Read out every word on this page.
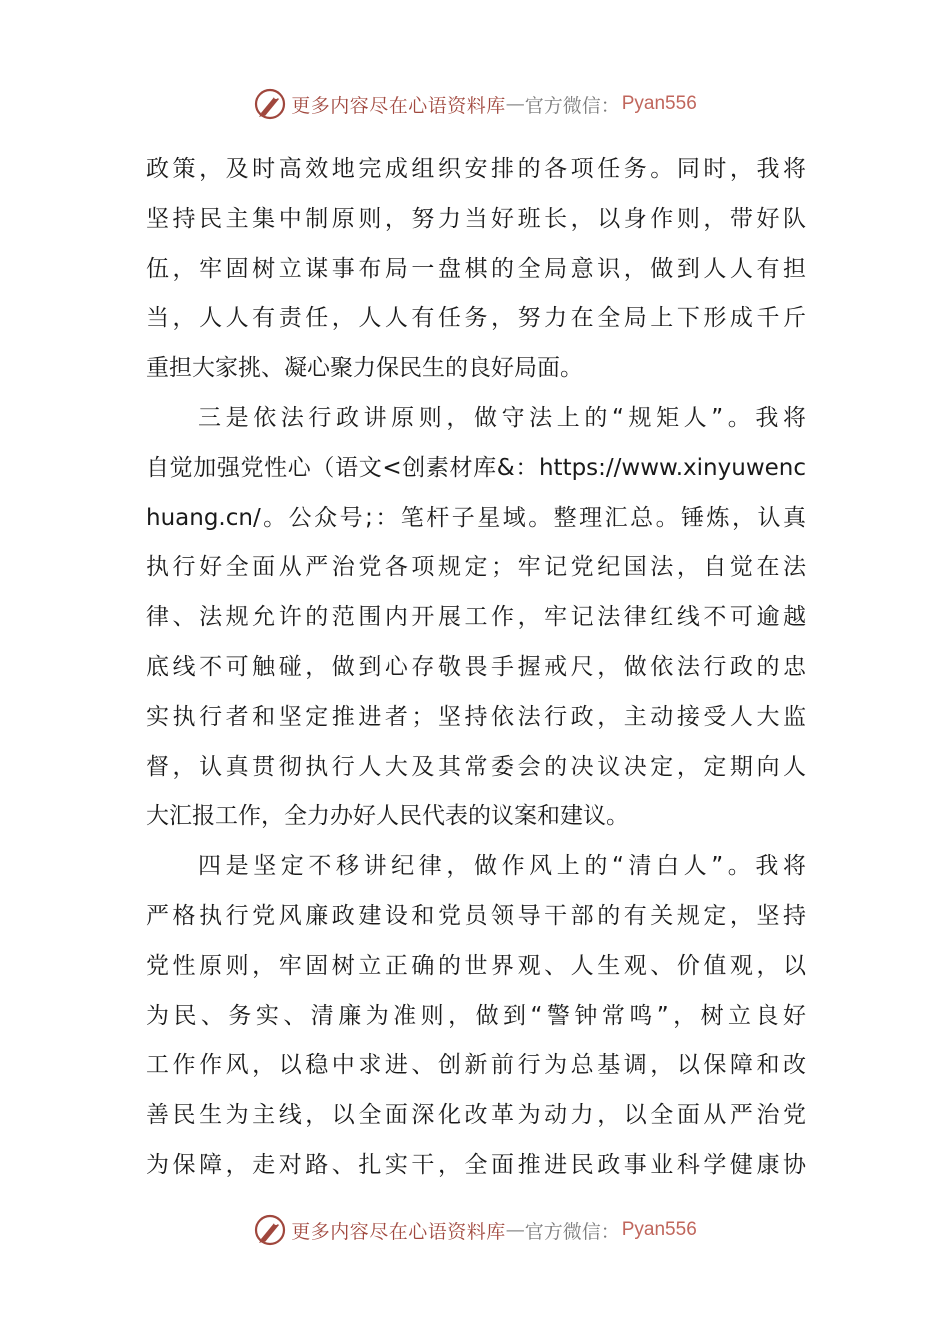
更多内容尽在心语资料库 — 官方微信： Pyan556
政策，及时高效地完成组织安排的各项任务。同时，我将
坚持民主集中制原则，努力当好班长，以身作则，带好队
伍，牢固树立谋事布局一盘棋的全局意识，做到人人有担
当，人人有责任，人人有任务，努力在全局上下形成千斤
重担大家挑、凝心聚力保民生的良好局面。
三是依法行政讲原则，做守法上的“规矩人”。我将
自觉加强党性心（语文<创素材库&：https://www.xinyuwenc
huang.cn/。公众号;：笔杆子星域。整理汇总。锤炼，认真
执行好全面从严治党各项规定；牢记党纪国法，自觉在法
律、法规允许的范围内开展工作，牢记法律红线不可逾越
底线不可触碰，做到心存敬畏手握戒尺，做依法行政的忠
实执行者和坚定推进者；坚持依法行政，主动接受人大监
督，认真贯彻执行人大及其常委会的决议决定，定期向人
大汇报工作，全力办好人民代表的议案和建议。
四是坚定不移讲纪律，做作风上的“清白人”。我将
严格执行党风廉政建设和党员领导干部的有关规定，坚持
党性原则，牢固树立正确的世界观、人生观、价值观，以
为民、务实、清廉为准则，做到“警钟常鸣”，树立良好
工作作风，以稳中求进、创新前行为总基调，以保障和改
善民生为主线，以全面深化改革为动力，以全面从严治党
为保障，走对路、扎实干，全面推进民政事业科学健康协
更多内容尽在心语资料库 — 官方微信： Pyan556
